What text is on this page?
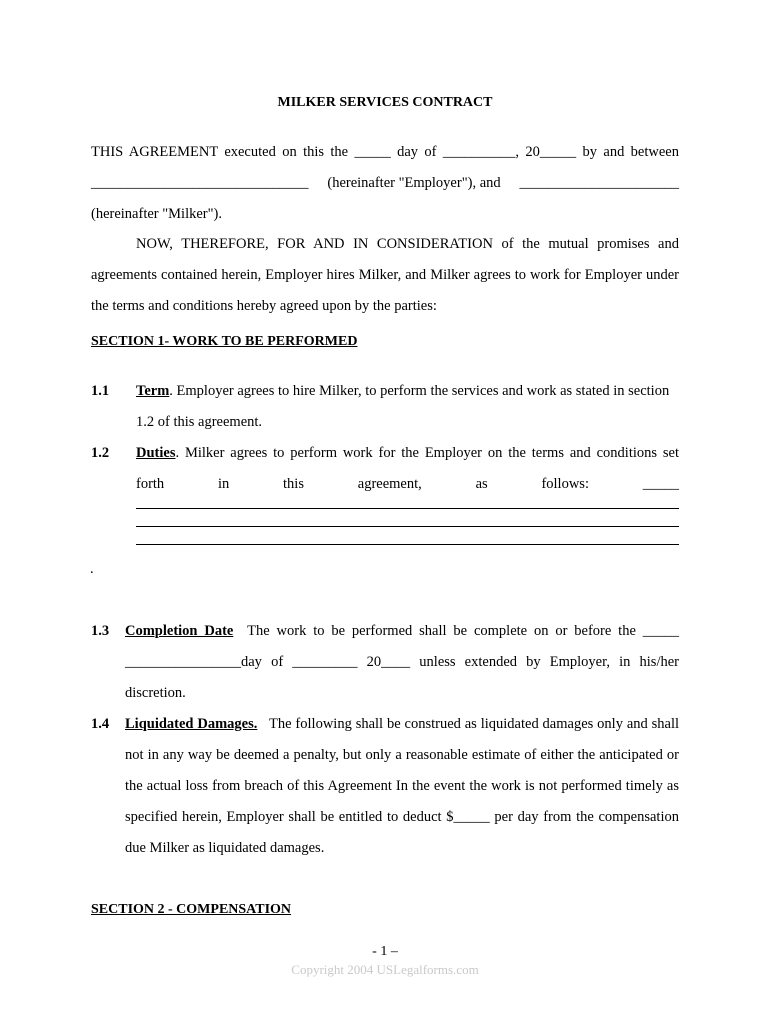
MILKER SERVICES CONTRACT
THIS AGREEMENT executed on this the _____ day of __________, 20_____ by and between
______________________________ (hereinafter "Employer"), and ______________________
(hereinafter "Milker").
NOW, THEREFORE, FOR AND IN CONSIDERATION of the mutual promises and agreements contained herein, Employer hires Milker, and Milker agrees to work for Employer under the terms and conditions hereby agreed upon by the parties:
SECTION 1- WORK TO BE PERFORMED
1.1 Term. Employer agrees to hire Milker, to perform the services and work as stated in section 1.2 of this agreement.
1.2 Duties. Milker agrees to perform work for the Employer on the terms and conditions set
forth	in	this	agreement,	as	follows:	_____
.
1.3 Completion Date The work to be performed shall be complete on or before the _____
________________day of _________ 20____ unless extended by Employer, in his/her
discretion.
1.4 Liquidated Damages. The following shall be construed as liquidated damages only and shall not in any way be deemed a penalty, but only a reasonable estimate of either the anticipated or the actual loss from breach of this Agreement In the event the work is not performed timely as specified herein, Employer shall be entitled to deduct $_____ per day from the compensation due Milker as liquidated damages.
SECTION 2 - COMPENSATION
- 1 –
Copyright 2004 USLegalforms.com
